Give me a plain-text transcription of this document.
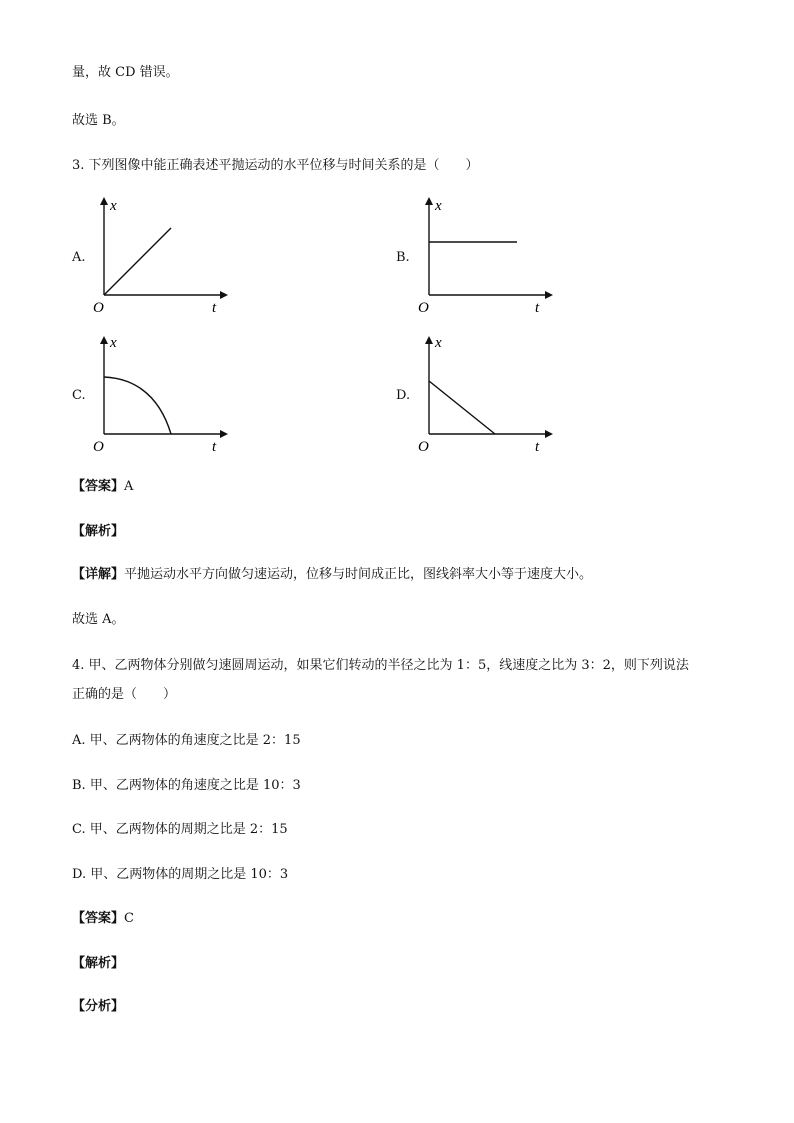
量，故 CD 错误。
故选 B。
3. 下列图像中能正确表述平抛运动的水平位移与时间关系的是（　　）
A.
x
t
O
B.
x
t
O
C.
x
t
O
D.
x
t
O
【答案】A
【解析】
【详解】平抛运动水平方向做匀速运动，位移与时间成正比，图线斜率大小等于速度大小。
故选 A。
4. 甲、乙两物体分别做匀速圆周运动，如果它们转动的半径之比为 1：5，线速度之比为 3：2，则下列说法
正确的是（　　）
A. 甲、乙两物体的角速度之比是 2：15
B. 甲、乙两物体的角速度之比是 10：3
C. 甲、乙两物体的周期之比是 2：15
D. 甲、乙两物体的周期之比是 10：3
【答案】C
【解析】
【分析】
